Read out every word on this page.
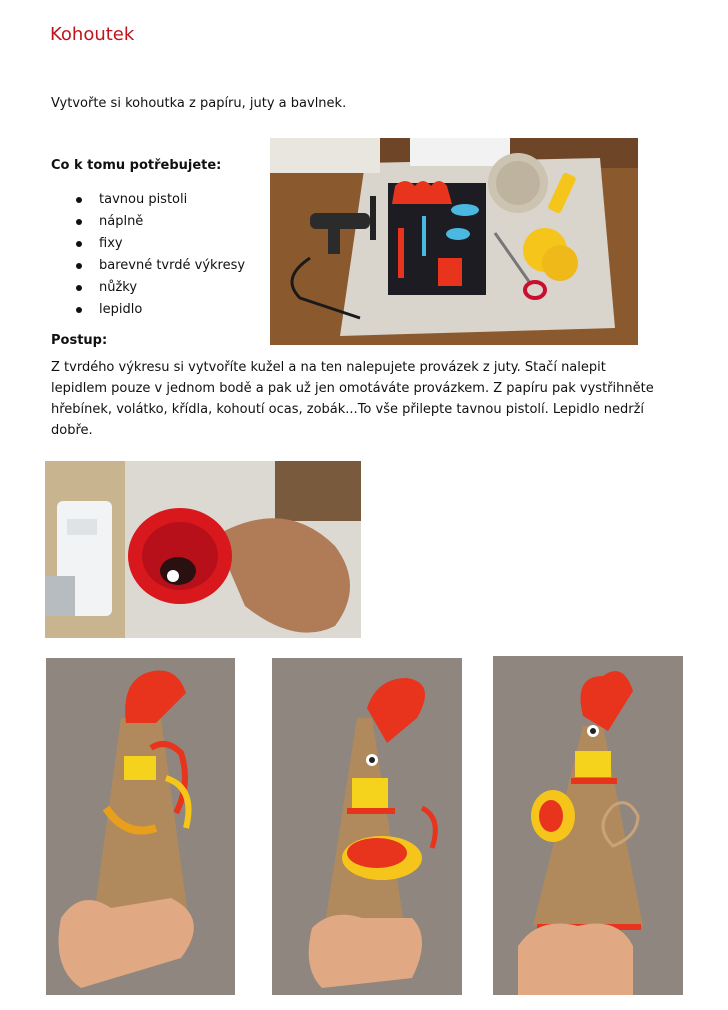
Kohoutek
Vytvořte si kohoutka z papíru, juty a bavlnek.
Co k tomu potřebujete:
tavnou pistoli
náplně
fixy
barevné tvrdé výkresy
nůžky
lepidlo
Postup:
Z tvrdého výkresu si vytvoříte kužel a na ten nalepujete provázek z juty. Stačí nalepit lepidlem pouze v jednom bodě a pak už jen omotáváte provázkem. Z papíru pak vystřihněte hřebínek, volátko, křídla, kohoutí ocas, zobák...To vše přilepte tavnou pistolí. Lepidlo nedrží dobře.
